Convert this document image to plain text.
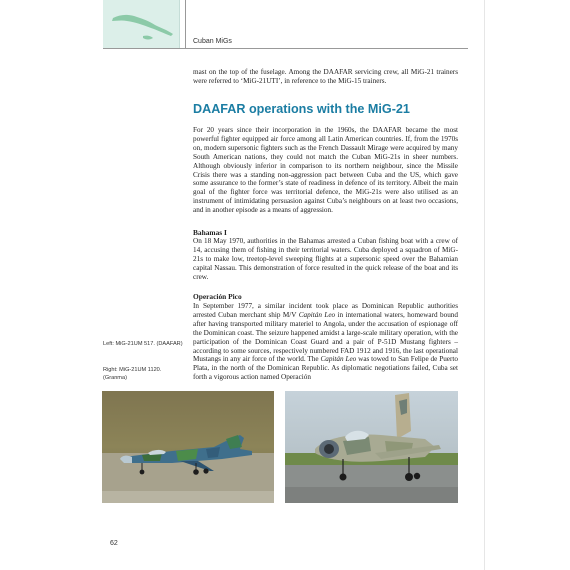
Cuban MiGs

mast on the top of the fuselage. Among the DAAFAR servicing crew, all MiG-21 trainers were referred to ‘MiG-21UTI’, in reference to the MiG-15 trainers.

DAAFAR operations with the MiG-21

For 20 years since their incorporation in the 1960s, the DAAFAR became the most powerful fighter equipped air force among all Latin American countries. If, from the 1970s on, modern supersonic fighters such as the French Dassault Mirage were acquired by many South American nations, they could not match the Cuban MiG-21s in sheer numbers. Although obviously inferior in comparison to its northern neighbour, since the Missile Crisis there was a standing non-aggression pact between Cuba and the US, which gave some assurance to the former’s state of readiness in defence of its territory. Albeit the main goal of the fighter force was territorial defence, the MiG-21s were also utilised as an instrument of intimidating persuasion against Cuba’s neighbours on at least two occasions, and in another episode as a means of aggression.

Bahamas I

On 18 May 1970, authorities in the Bahamas arrested a Cuban fishing boat with a crew of 14, accusing them of fishing in their territorial waters. Cuba deployed a squadron of MiG-21s to make low, treetop-level sweeping flights at a supersonic speed over the Bahamian capital Nassau. This demonstration of force resulted in the quick release of the boat and its crew.

Operación Pico

In September 1977, a similar incident took place as Dominican Republic authorities arrested Cuban merchant ship M/V Capitán Leo in international waters, homeward bound after having transported military materiel to Angola, under the accusation of espionage off the Dominican coast. The seizure happened amidst a large-scale military operation, with the participation of the Dominican Coast Guard and a pair of P-51D Mustang fighters – according to some sources, respectively numbered FAD 1912 and 1916, the last operational Mustangs in any air force of the world. The Capitán Leo was towed to San Felipe de Puerto Plata, in the north of the Dominican Republic. As diplomatic negotiations failed, Cuba set forth a vigorous action named Operación

Left: MiG-21UM 517. (DAAFAR)

Right: MiG-21UM 1120. (Granma)

62
